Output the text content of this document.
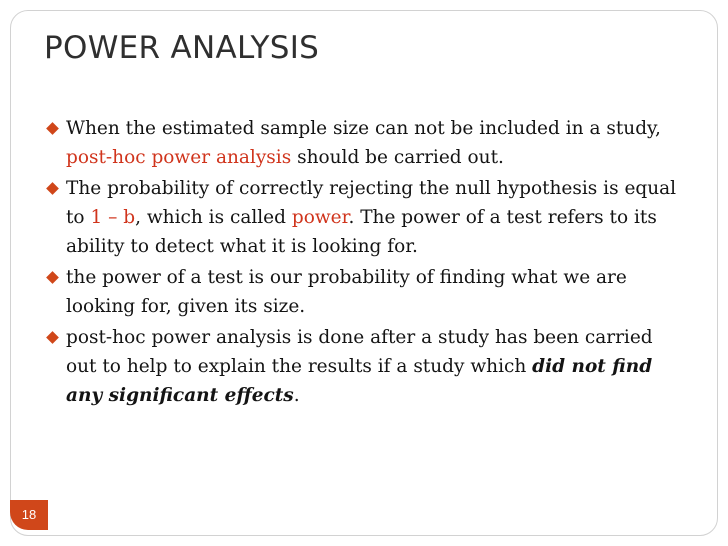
POWER ANALYSIS
When the estimated sample size can not be included in a study, post-hoc power analysis should be carried out.
The probability of correctly rejecting the null hypothesis is equal to 1 – b, which is called power. The power of a test refers to its ability to detect what it is looking for.
the power of a test is our probability of finding what we are looking for, given its size.
post-hoc power analysis is done after a study has been carried out to help to explain the results if a study which did not find any significant effects.
18
